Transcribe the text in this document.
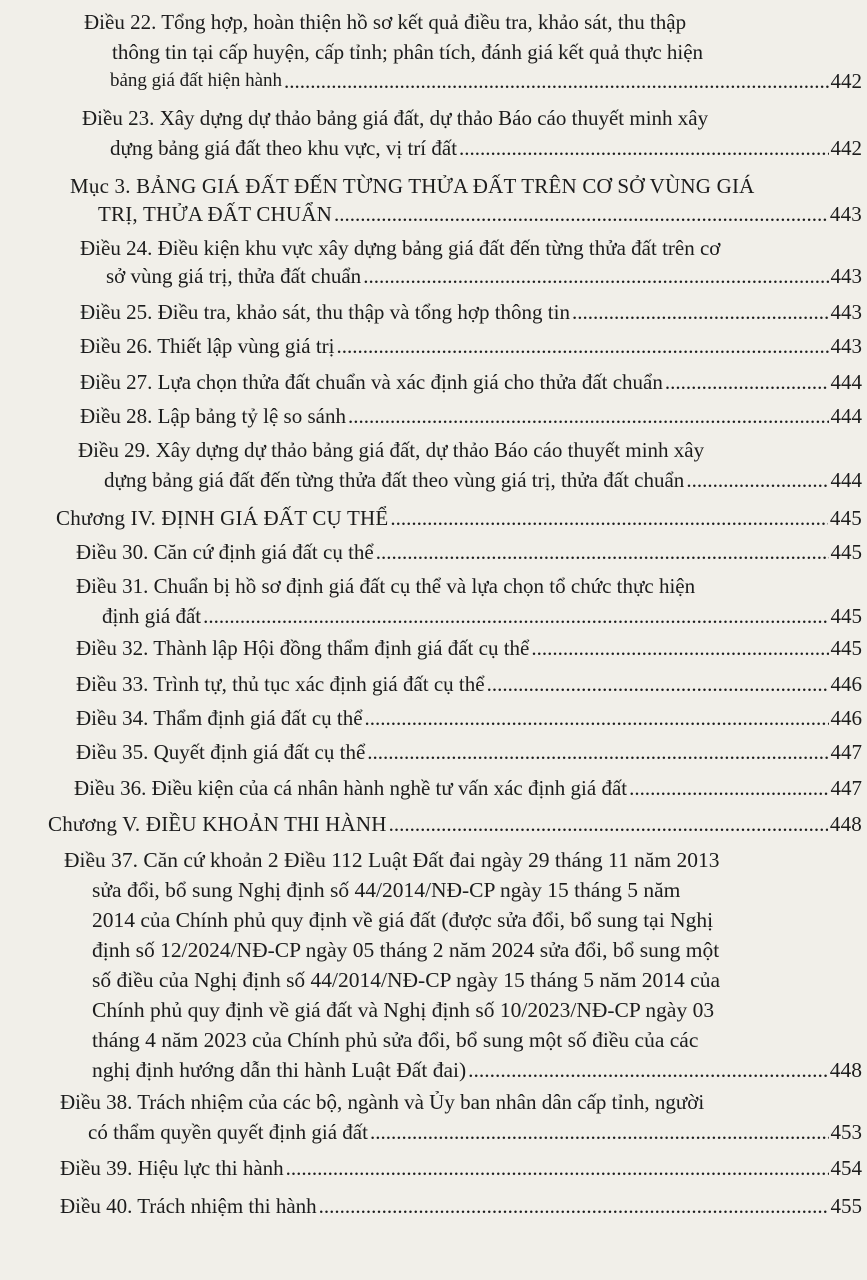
Điều 22. Tổng hợp, hoàn thiện hồ sơ kết quả điều tra, khảo sát, thu thập
thông tin tại cấp huyện, cấp tỉnh; phân tích, đánh giá kết quả thực hiện
bảng giá đất hiện hành .....	442
Điều 23. Xây dựng dự thảo bảng giá đất, dự thảo Báo cáo thuyết minh xây
dựng bảng giá đất theo khu vực, vị trí đất .....	442
Mục 3. BẢNG GIÁ ĐẤT ĐẾN TỪNG THỬA ĐẤT TRÊN CƠ SỞ VÙNG GIÁ
TRỊ, THỬA ĐẤT CHUẨN .....	443
Điều 24. Điều kiện khu vực xây dựng bảng giá đất đến từng thửa đất trên cơ
sở vùng giá trị, thửa đất chuẩn .....	443
Điều 25. Điều tra, khảo sát, thu thập và tổng hợp thông tin .....	443
Điều 26. Thiết lập vùng giá trị .....	443
Điều 27. Lựa chọn thửa đất chuẩn và xác định giá cho thửa đất chuẩn .....	444
Điều 28. Lập bảng tỷ lệ so sánh .....	444
Điều 29. Xây dựng dự thảo bảng giá đất, dự thảo Báo cáo thuyết minh xây
dựng bảng giá đất đến từng thửa đất theo vùng giá trị, thửa đất chuẩn .....	444
Chương IV. ĐỊNH GIÁ ĐẤT CỤ THỂ .....	445
Điều 30. Căn cứ định giá đất cụ thể .....	445
Điều 31. Chuẩn bị hồ sơ định giá đất cụ thể và lựa chọn tổ chức thực hiện
định giá đất .....	445
Điều 32. Thành lập Hội đồng thẩm định giá đất cụ thể .....	445
Điều 33. Trình tự, thủ tục xác định giá đất cụ thể .....	446
Điều 34. Thẩm định giá đất cụ thể .....	446
Điều 35. Quyết định giá đất cụ thể .....	447
Điều 36. Điều kiện của cá nhân hành nghề tư vấn xác định giá đất .....	447
Chương V. ĐIỀU KHOẢN THI HÀNH .....	448
Điều 37. Căn cứ khoản 2 Điều 112 Luật Đất đai ngày 29 tháng 11 năm 2013
sửa đổi, bổ sung Nghị định số 44/2014/NĐ-CP ngày 15 tháng 5 năm
2014 của Chính phủ quy định về giá đất (được sửa đổi, bổ sung tại Nghị
định số 12/2024/NĐ-CP ngày 05 tháng 2 năm 2024 sửa đổi, bổ sung một
số điều của Nghị định số 44/2014/NĐ-CP ngày 15 tháng 5 năm 2014 của
Chính phủ quy định về giá đất và Nghị định số 10/2023/NĐ-CP ngày 03
tháng 4 năm 2023 của Chính phủ sửa đổi, bổ sung một số điều của các
nghị định hướng dẫn thi hành Luật Đất đai) .....	448
Điều 38. Trách nhiệm của các bộ, ngành và Ủy ban nhân dân cấp tỉnh, người
có thẩm quyền quyết định giá đất .....	453
Điều 39. Hiệu lực thi hành .....	454
Điều 40. Trách nhiệm thi hành .....	455
